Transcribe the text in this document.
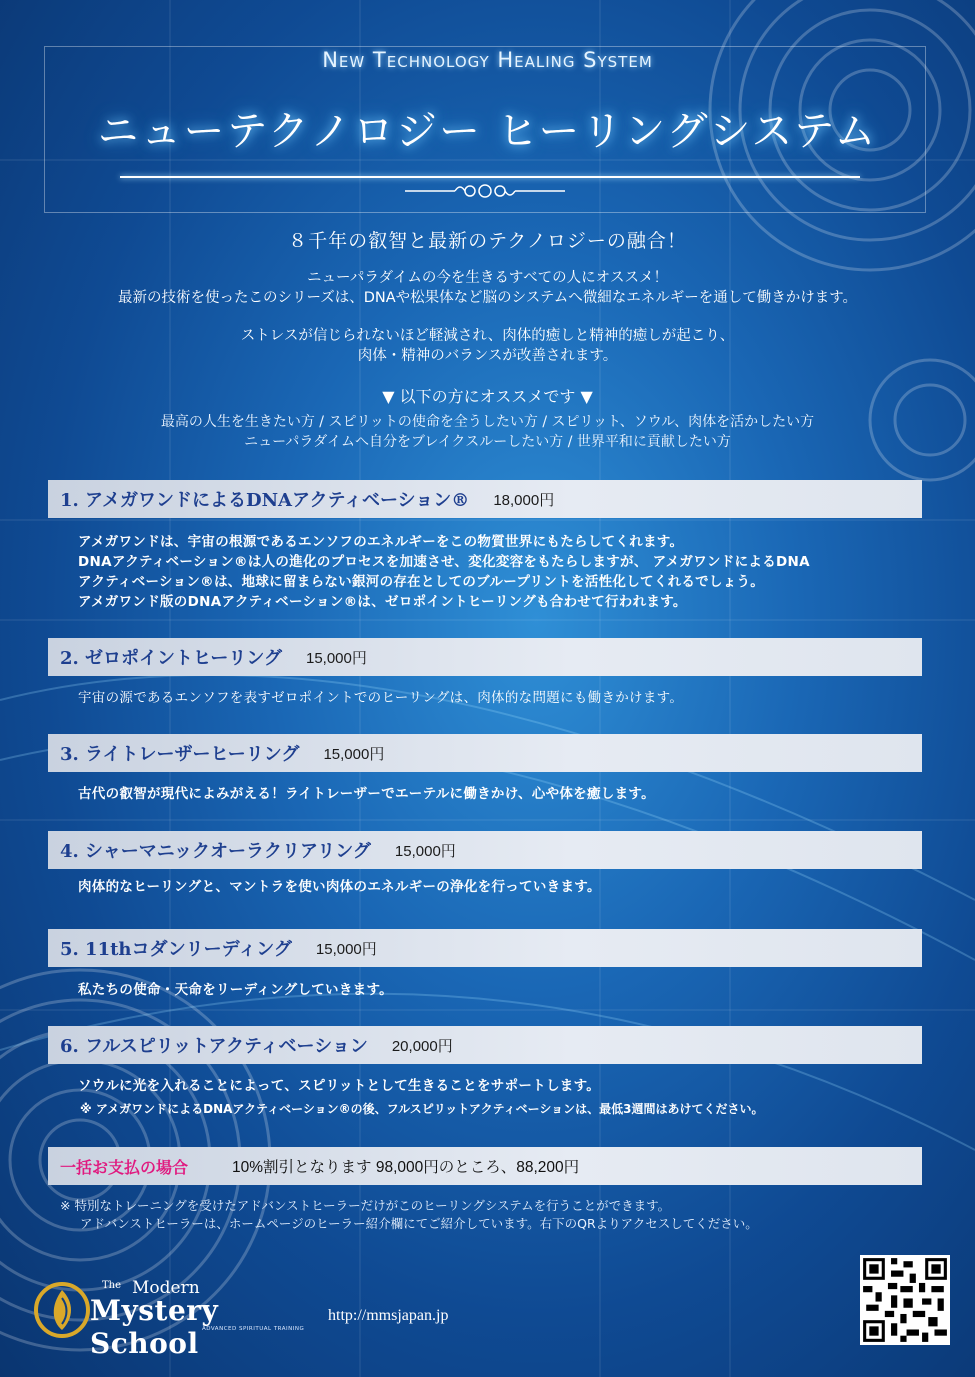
New Technology Healing System
ニューテクノロジー ヒーリングシステム
８千年の叡智と最新のテクノロジーの融合！
ニューパラダイムの今を生きるすべての人にオススメ！
最新の技術を使ったこのシリーズは、DNAや松果体など脳のシステムへ微細なエネルギーを通して働きかけます。
ストレスが信じられないほど軽減され、肉体的癒しと精神的癒しが起こり、
肉体・精神のバランスが改善されます。
▼ 以下の方にオススメです ▼
最高の人生を生きたい方 / スピリットの使命を全うしたい方 / スピリット、ソウル、肉体を活かしたい方
ニューパラダイムへ自分をブレイクスルーしたい方 / 世界平和に貢献したい方
1. アメガワンドによるDNAアクティベーション® 18,000円
アメガワンドは、宇宙の根源であるエンソフのエネルギーをこの物質世界にもたらしてくれます。
DNAアクティベーション®は人の進化のプロセスを加速させ、変化変容をもたらしますが、 アメガワンドによるDNA
アクティベーション®は、地球に留まらない銀河の存在としてのブループリントを活性化してくれるでしょう。
アメガワンド版のDNAアクティベーション®は、ゼロポイントヒーリングも合わせて行われます。
2. ゼロポイントヒーリング 15,000円
宇宙の源であるエンソフを表すゼロポイントでのヒーリングは、肉体的な問題にも働きかけます。
3. ライトレーザーヒーリング 15,000円
古代の叡智が現代によみがえる！ライトレーザーでエーテルに働きかけ、心や体を癒します。
4. シャーマニックオーラクリアリング 15,000円
肉体的なヒーリングと、マントラを使い肉体のエネルギーの浄化を行っていきます。
5. 11thコダンリーディング 15,000円
私たちの使命・天命をリーディングしていきます。
6. フルスピリットアクティベーション 20,000円
ソウルに光を入れることによって、スピリットとして生きることをサポートします。
※ アメガワンドによるDNAアクティベーション®の後、フルスピリットアクティベーションは、最低3週間はあけてください。
一括お支払の場合	10%割引となります 98,000円のところ、88,200円
※ 特別なトレーニングを受けたアドバンストヒーラーだけがこのヒーリングシステムを行うことができます。
アドバンストヒーラーは、ホームページのヒーラー紹介欄にてご紹介しています。右下のQRよりアクセスしてください。
The Modern
Mystery School ADVANCED SPIRITUAL TRAINING
http://mmsjapan.jp
